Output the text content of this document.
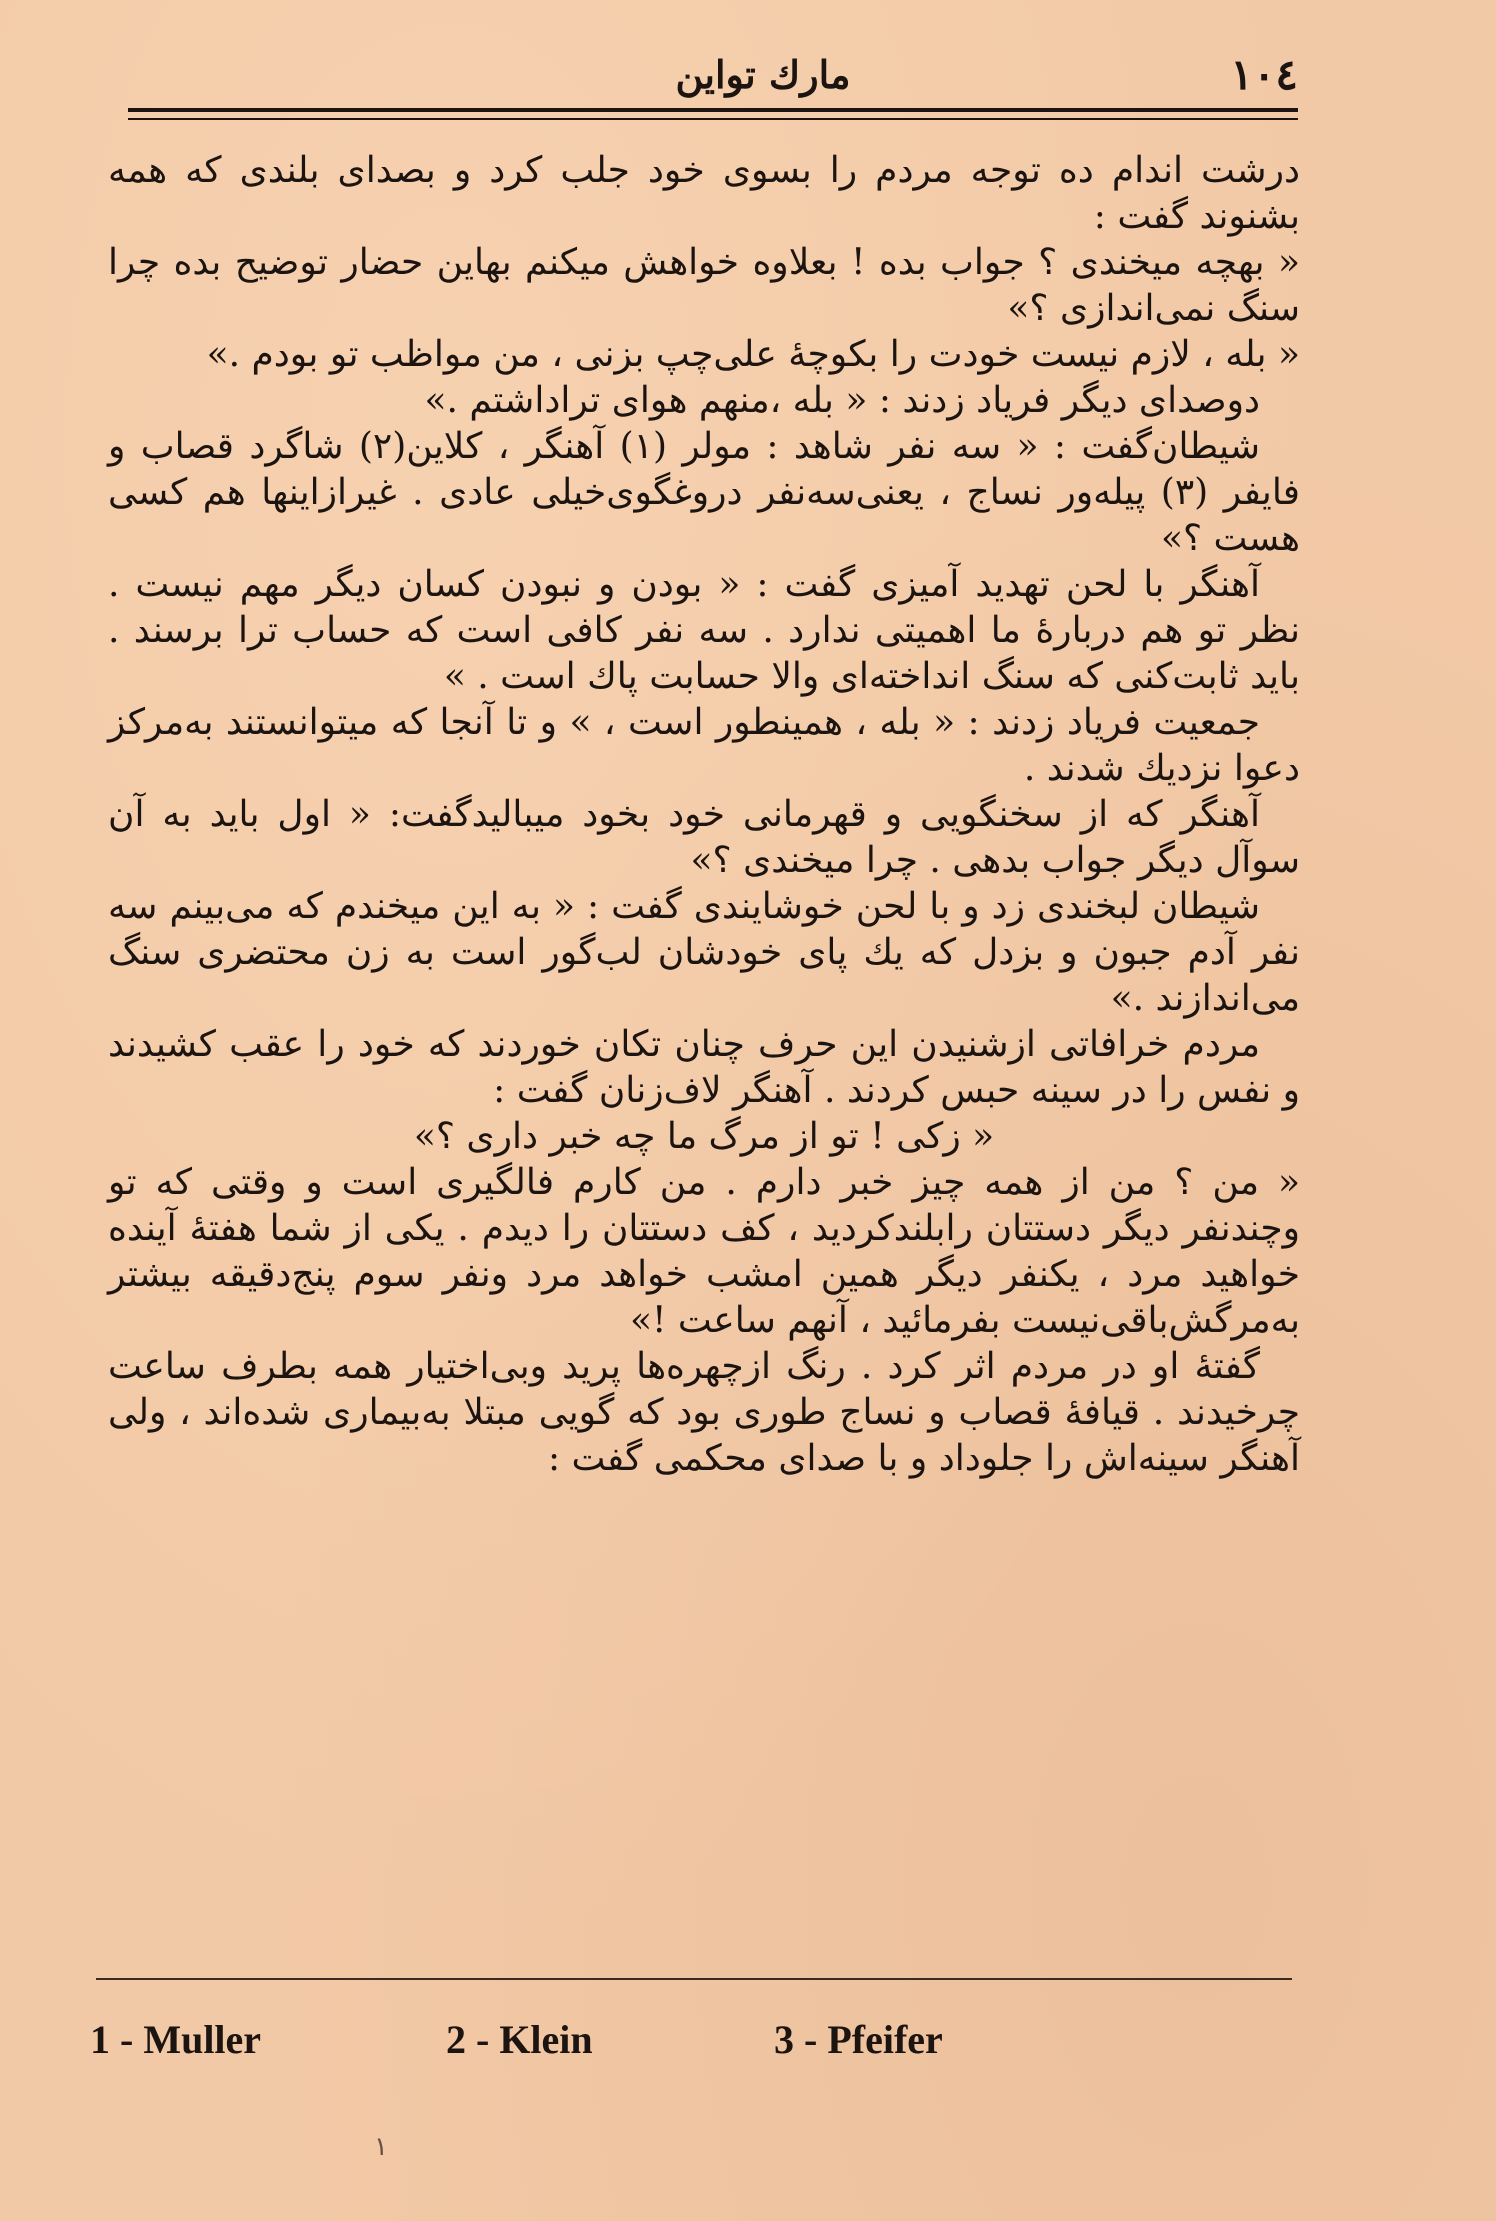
مارك تواين	۱۰٤

درشت اندام ده توجه مردم را بسوی خود جلب کرد و بصدای بلندی که همه بشنوند گفت :

« بهچه میخندی ؟ جواب بده ! بعلاوه خواهش میکنم بهاین حضار توضیح بده چرا سنگ نمی‌اندازی ؟»

« بله ، لازم نیست خودت را بکوچهٔ علی‌چپ بزنی ، من مواظب تو بودم .»

دوصدای دیگر فریاد زدند : « بله ،منهم هوای تراداشتم .»

شیطان‌گفت : « سه نفر شاهد : مولر (۱) آهنگر ، کلاین(۲) شاگرد قصاب و فایفر (۳) پیله‌ور نساج ، یعنی‌سه‌نفر دروغگوی‌خیلی عادی . غیرازاینها هم کسی هست ؟»

آهنگر با لحن تهدید آمیزی گفت : « بودن و نبودن کسان دیگر مهم نیست . نظر تو هم دربارهٔ ما اهمیتی ندارد . سه نفر کافی است که حساب ترا برسند . باید ثابت‌کنی که سنگ انداخته‌ای والا حسابت پاك است . »

جمعیت فریاد زدند : « بله ، همینطور است ، » و تا آنجا که میتوانستند به‌مرکز دعوا نزدیك شدند .

آهنگر که از سخنگویی و قهرمانی خود بخود میبالیدگفت: « اول باید به آن سوآل دیگر جواب بدهی . چرا میخندی ؟»

شیطان لبخندی زد و با لحن خوشایندی گفت : « به این میخندم که می‌بینم سه نفر آدم جبون و بزدل که یك پای خودشان لب‌گور است به زن محتضری سنگ می‌اندازند .»

مردم خرافاتی ازشنیدن این حرف چنان تکان خوردند که خود را عقب کشیدند و نفس را در سینه حبس کردند . آهنگر لاف‌زنان گفت :

« زکی ! تو از مرگ ما چه خبر داری ؟»

« من ؟ من از همه چیز خبر دارم . من کارم فالگیری است و وقتی که تو وچندنفر دیگر دستتان رابلندکردید ، کف دستتان را دیدم . یکی از شما هفتهٔ آینده خواهید مرد ، یکنفر دیگر همین امشب خواهد مرد ونفر سوم پنج‌دقیقه بیشتر به‌مرگش‌باقی‌نیست‌ بفرمائید ، آنهم ساعت !»

گفتهٔ او در مردم اثر کرد . رنگ ازچهره‌ها پرید وبی‌اختیار همه بطرف ساعت چرخیدند . قیافهٔ قصاب و نساج طوری بود که گویی مبتلا به‌بیماری شده‌اند ، ولی آهنگر سینه‌اش را جلوداد و با صدای محکمی گفت :

1 - Muller	2 - Klein	3 - Pfeifer
۱
